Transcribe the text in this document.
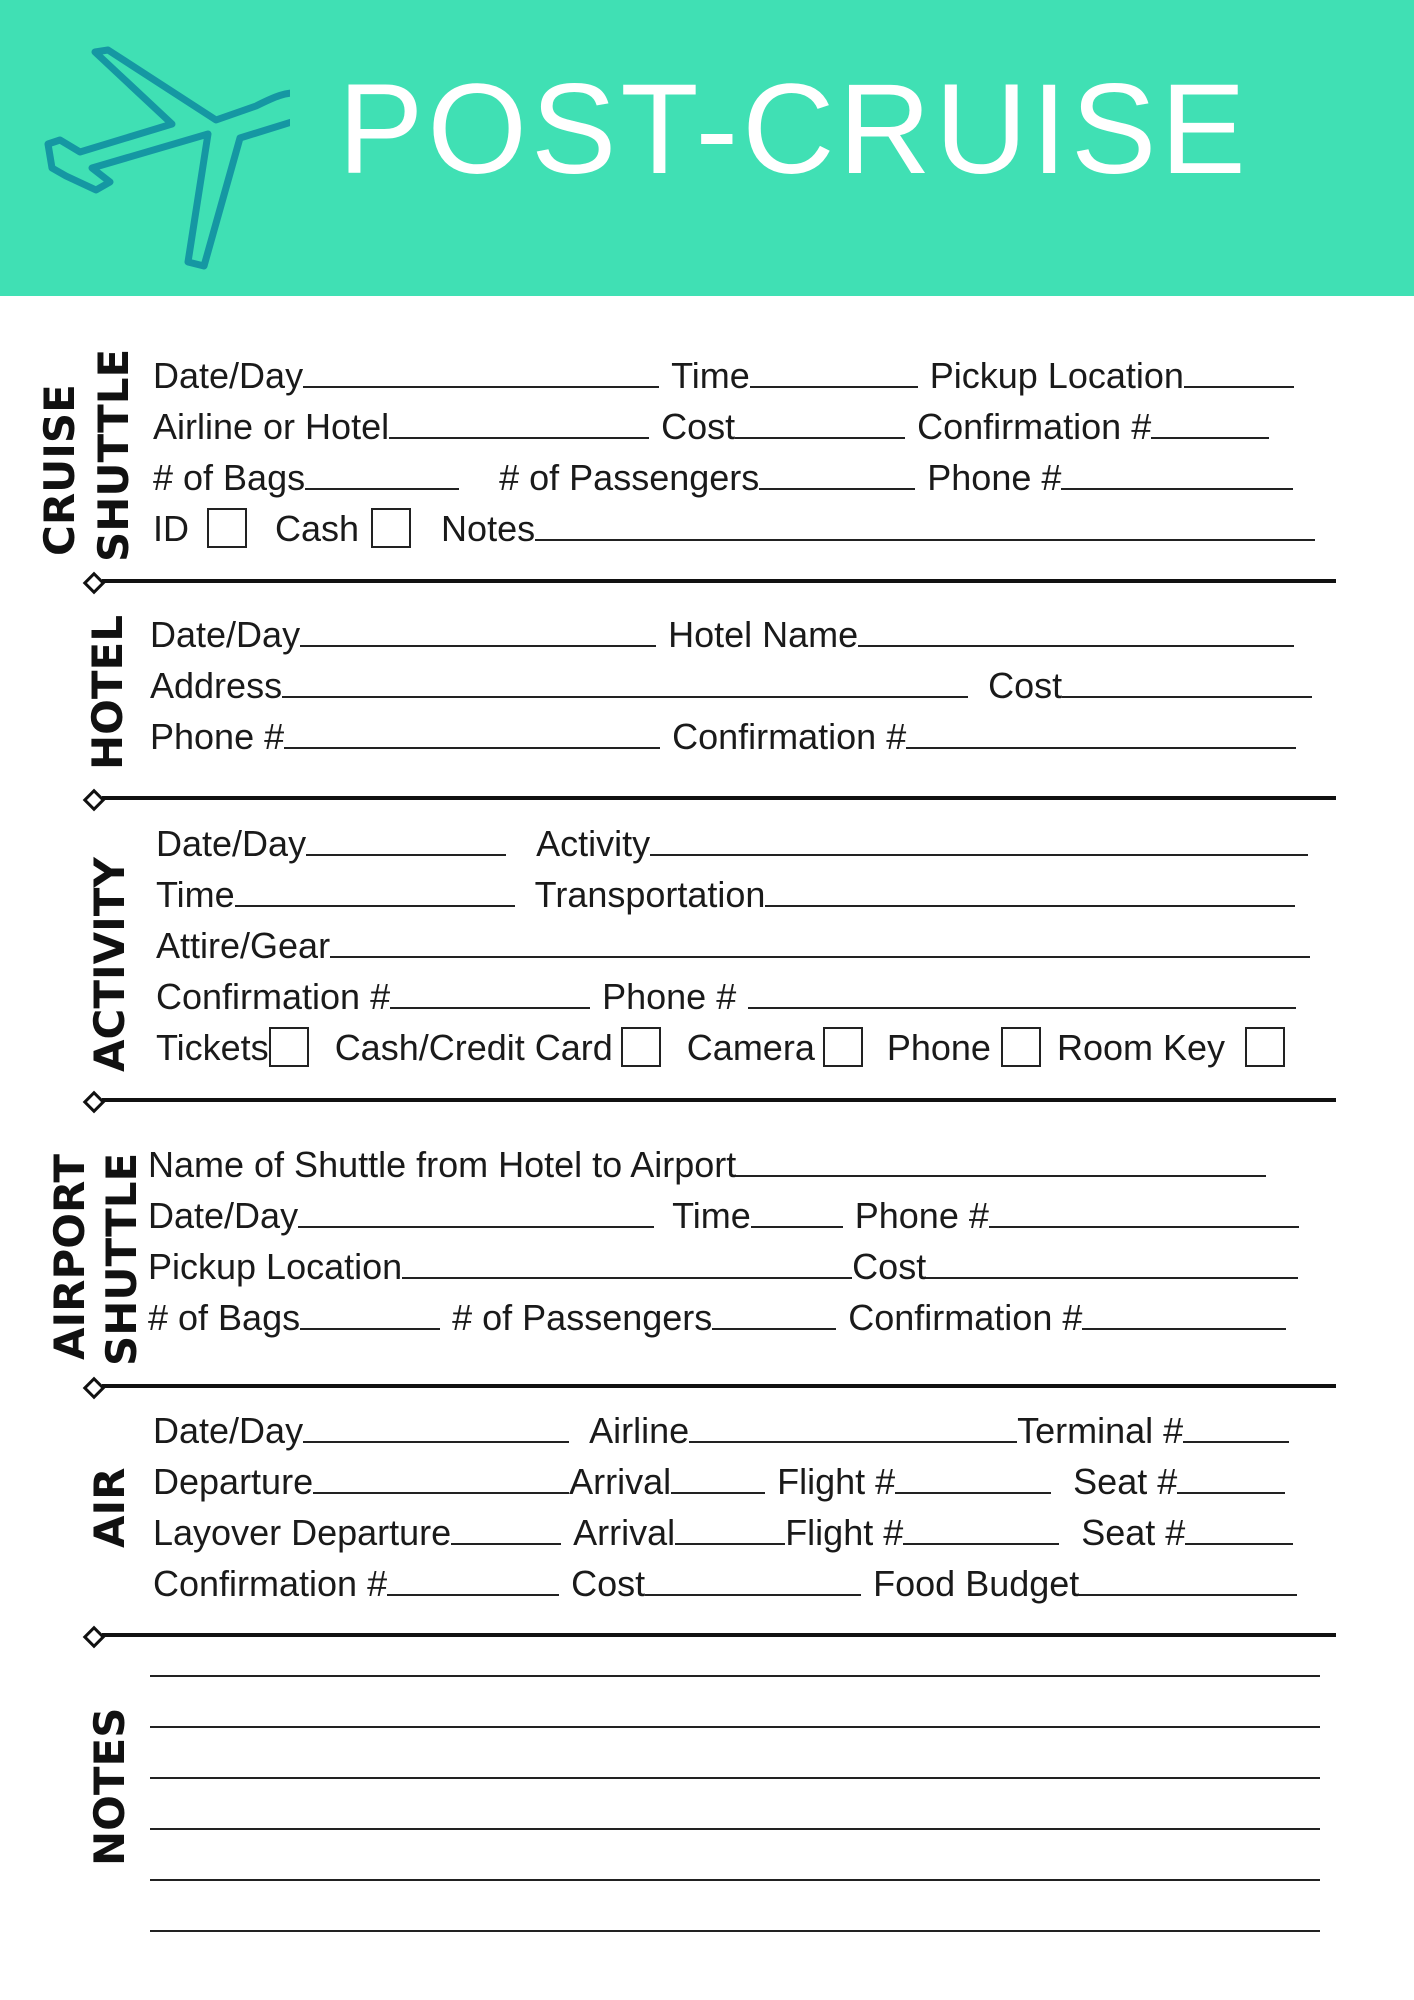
POST-CRUISE
CRUISE SHUTTLE Date/Day	Time	Pickup Location
Airline or Hotel	Cost	Confirmation #
# of Bags	# of Passengers	Phone #
ID Cash Notes
HOTEL Date/Day	Hotel Name
Address	Cost
Phone #	Confirmation #
ACTIVITY
Date/Day	Activity
Time	Transportation
Attire/Gear
Confirmation #	Phone #
Tickets Cash/Credit Card Camera Phone Room Key
AIRPORT SHUTTLE Name of Shuttle from Hotel to Airport
Date/Day	Time	Phone #
Pickup Location	Cost
# of Bags	# of Passengers	Confirmation #
AIR
Date/Day	Airline	Terminal #
Departure	Arrival	Flight #	Seat #
Layover Departure	Arrival	Flight #	Seat #
Confirmation #	Cost	Food Budget
NOTES
